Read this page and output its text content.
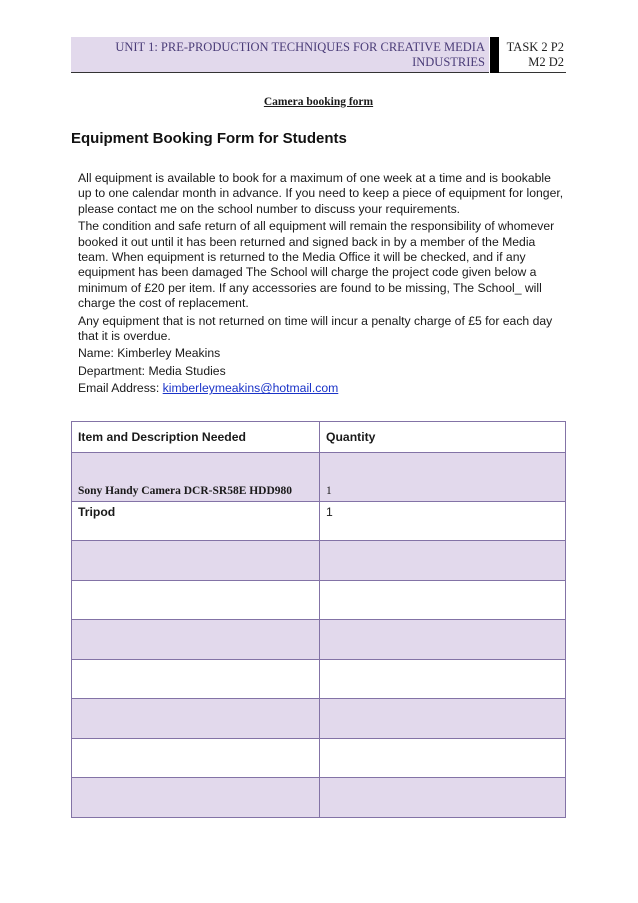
UNIT 1: PRE-PRODUCTION TECHNIQUES FOR CREATIVE MEDIA
INDUSTRIES
TASK 2 P2
M2 D2
Camera booking form
Equipment Booking Form for Students

All equipment is available to book for a maximum of one week at a time and is bookable up to one calendar month in advance. If you need to keep a piece of equipment for longer, please contact me on the school number to discuss your requirements.

The condition and safe return of all equipment will remain the responsibility of whomever booked it out until it has been returned and signed back in by a member of the Media team. When equipment is returned to the Media Office it will be checked, and if any equipment has been damaged The School will charge the project code given below a minimum of £20 per item. If any accessories are found to be missing, The School_ will charge the cost of replacement.

Any equipment that is not returned on time will incur a penalty charge of £5 for each day that it is overdue.

Name: Kimberley Meakins

Department: Media Studies

Email Address: kimberleymeakins@hotmail.com

Item and Description Needed	Quantity
Sony Handy Camera DCR-SR58E HDD980	1
Tripod	1
